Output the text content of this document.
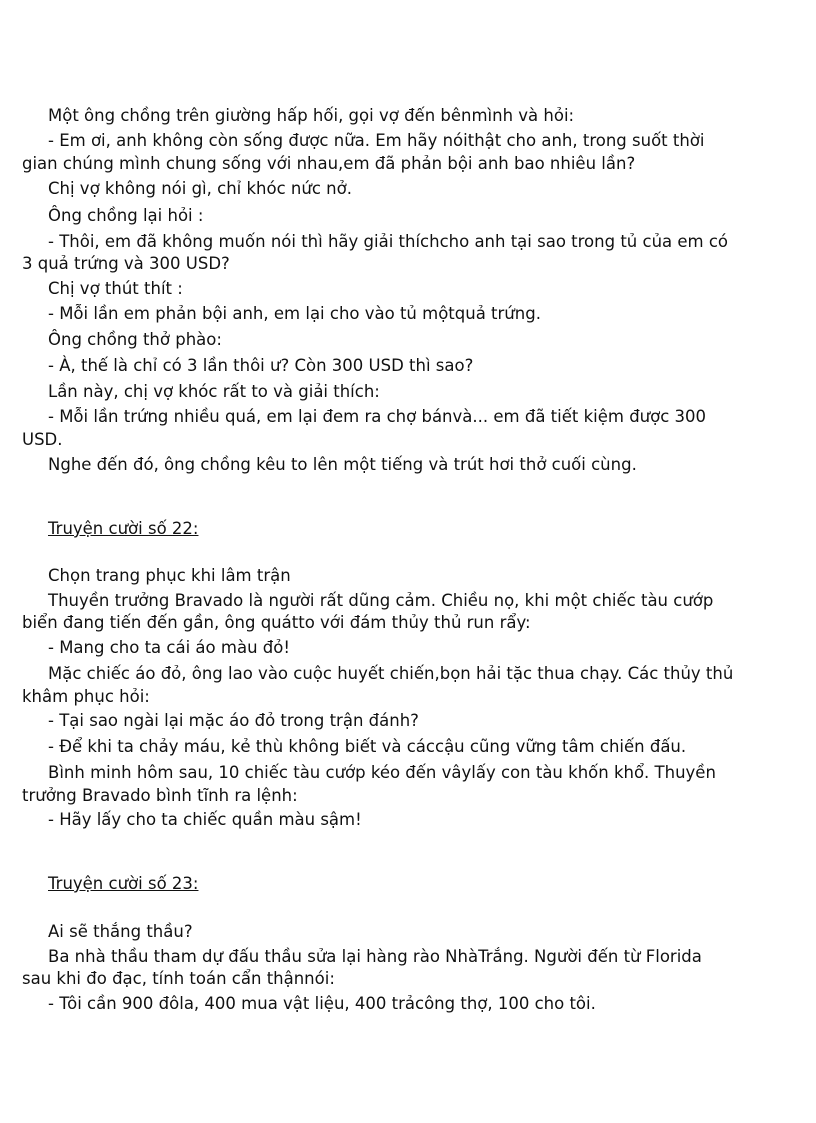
Một ông chồng trên giường hấp hối, gọi vợ đến bênmình và hỏi:
- Em ơi, anh không còn sống được nữa. Em hãy nóithật cho anh, trong suốt thời
gian chúng mình chung sống với nhau,em đã phản bội anh bao nhiêu lần?
Chị vợ không nói gì, chỉ khóc nức nở.
Ông chồng lại hỏi :
- Thôi, em đã không muốn nói thì hãy giải thíchcho anh tại sao trong tủ của em có
3 quả trứng và 300 USD?
Chị vợ thút thít :
- Mỗi lần em phản bội anh, em lại cho vào tủ mộtquả trứng.
Ông chồng thở phào:
- À, thế là chỉ có 3 lần thôi ư? Còn 300 USD thì sao?
Lần này, chị vợ khóc rất to và giải thích:
- Mỗi lần trứng nhiều quá, em lại đem ra chợ bánvà... em đã tiết kiệm được 300
USD.
Nghe đến đó, ông chồng kêu to lên một tiếng và trút hơi thở cuối cùng.
Truyện cười số 22:
Chọn trang phục khi lâm trận
Thuyền trưởng Bravado là người rất dũng cảm. Chiều nọ, khi một chiếc tàu cướp
biển đang tiến đến gần, ông quátto với đám thủy thủ run rẩy:
- Mang cho ta cái áo màu đỏ!
Mặc chiếc áo đỏ, ông lao vào cuộc huyết chiến,bọn hải tặc thua chạy. Các thủy thủ
khâm phục hỏi:
- Tại sao ngài lại mặc áo đỏ trong trận đánh?
- Để khi ta chảy máu, kẻ thù không biết và cáccậu cũng vững tâm chiến đấu.
Bình minh hôm sau, 10 chiếc tàu cướp kéo đến vâylấy con tàu khốn khổ. Thuyền
trưởng Bravado bình tĩnh ra lệnh:
- Hãy lấy cho ta chiếc quần màu sậm!
Truyện cười số 23:
Ai sẽ thắng thầu?
Ba nhà thầu tham dự đấu thầu sửa lại hàng rào NhàTrắng. Người đến từ Florida
sau khi đo đạc, tính toán cẩn thậnnói:
- Tôi cần 900 đôla, 400 mua vật liệu, 400 trảcông thợ, 100 cho tôi.
